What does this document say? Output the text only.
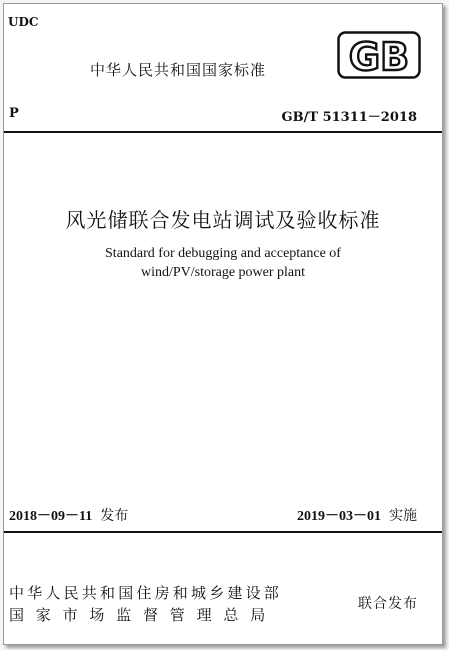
UDC
中华人民共和国国家标准 GB
P	GB/T 51311－2018
风光储联合发电站调试及验收标准
Standard for debugging and acceptance of
wind/PV/storage power plant
2018－09－11 发布	2019－03－01 实施
中华人民共和国住房和城乡建设部
国家市场监督管理总局
联合发布
